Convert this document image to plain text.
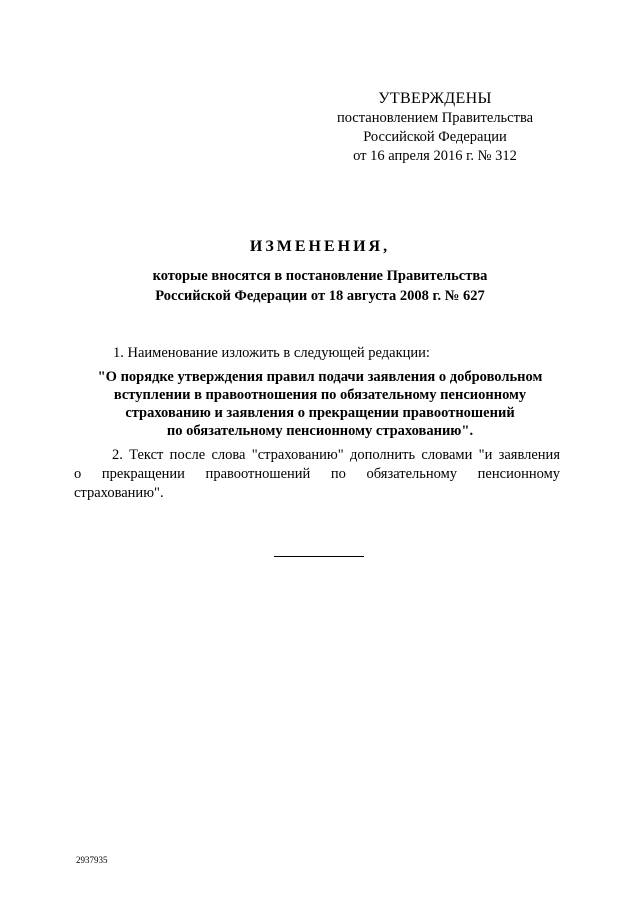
УТВЕРЖДЕНЫ
постановлением Правительства
Российской Федерации
от 16 апреля 2016 г. № 312
ИЗМЕНЕНИЯ,
которые вносятся в постановление Правительства
Российской Федерации от 18 августа 2008 г. № 627
1. Наименование изложить в следующей редакции:
"О порядке утверждения правил подачи заявления о добровольном
вступлении в правоотношения по обязательному пенсионному
страхованию и заявления о прекращении правоотношений
по обязательному пенсионному страхованию".
2. Текст после слова "страхованию" дополнить словами "и заявления
о прекращении правоотношений по обязательному пенсионному
страхованию".
2937935
